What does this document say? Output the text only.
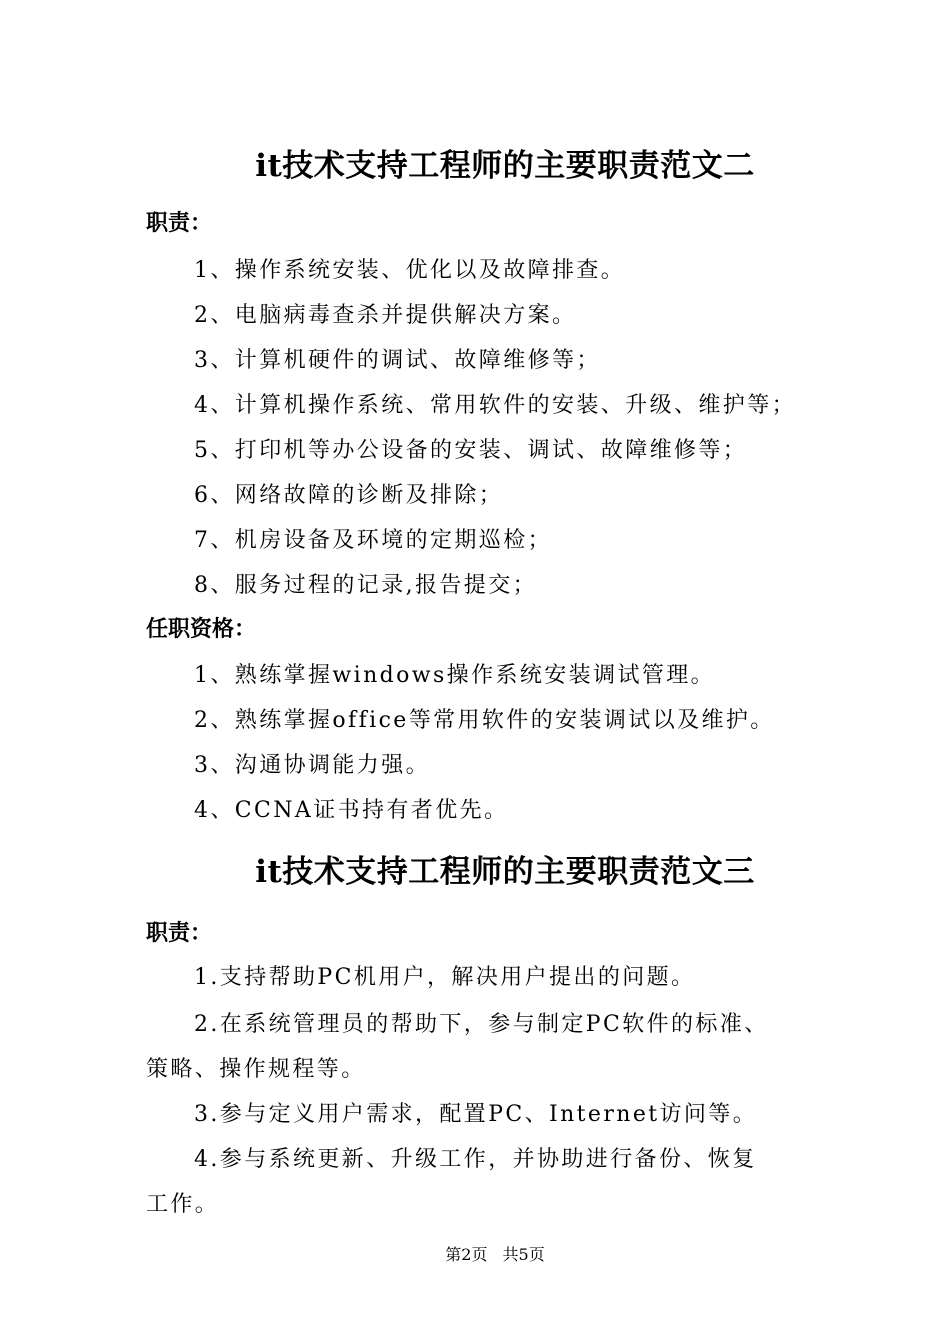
it技术支持工程师的主要职责范文二
职责：
1、操作系统安装、优化以及故障排查。
2、电脑病毒查杀并提供解决方案。
3、计算机硬件的调试、故障维修等；
4、计算机操作系统、常用软件的安装、升级、维护等；
5、打印机等办公设备的安装、调试、故障维修等；
6、网络故障的诊断及排除；
7、机房设备及环境的定期巡检；
8、服务过程的记录,报告提交；
任职资格：
1、熟练掌握windows操作系统安装调试管理。
2、熟练掌握office等常用软件的安装调试以及维护。
3、沟通协调能力强。
4、CCNA证书持有者优先。
it技术支持工程师的主要职责范文三
职责：
1.支持帮助PC机用户，解决用户提出的问题。
2.在系统管理员的帮助下，参与制定PC软件的标准、
策略、操作规程等。
3.参与定义用户需求，配置PC、Internet访问等。
4.参与系统更新、升级工作，并协助进行备份、恢复
工作。
第2页 共5页
